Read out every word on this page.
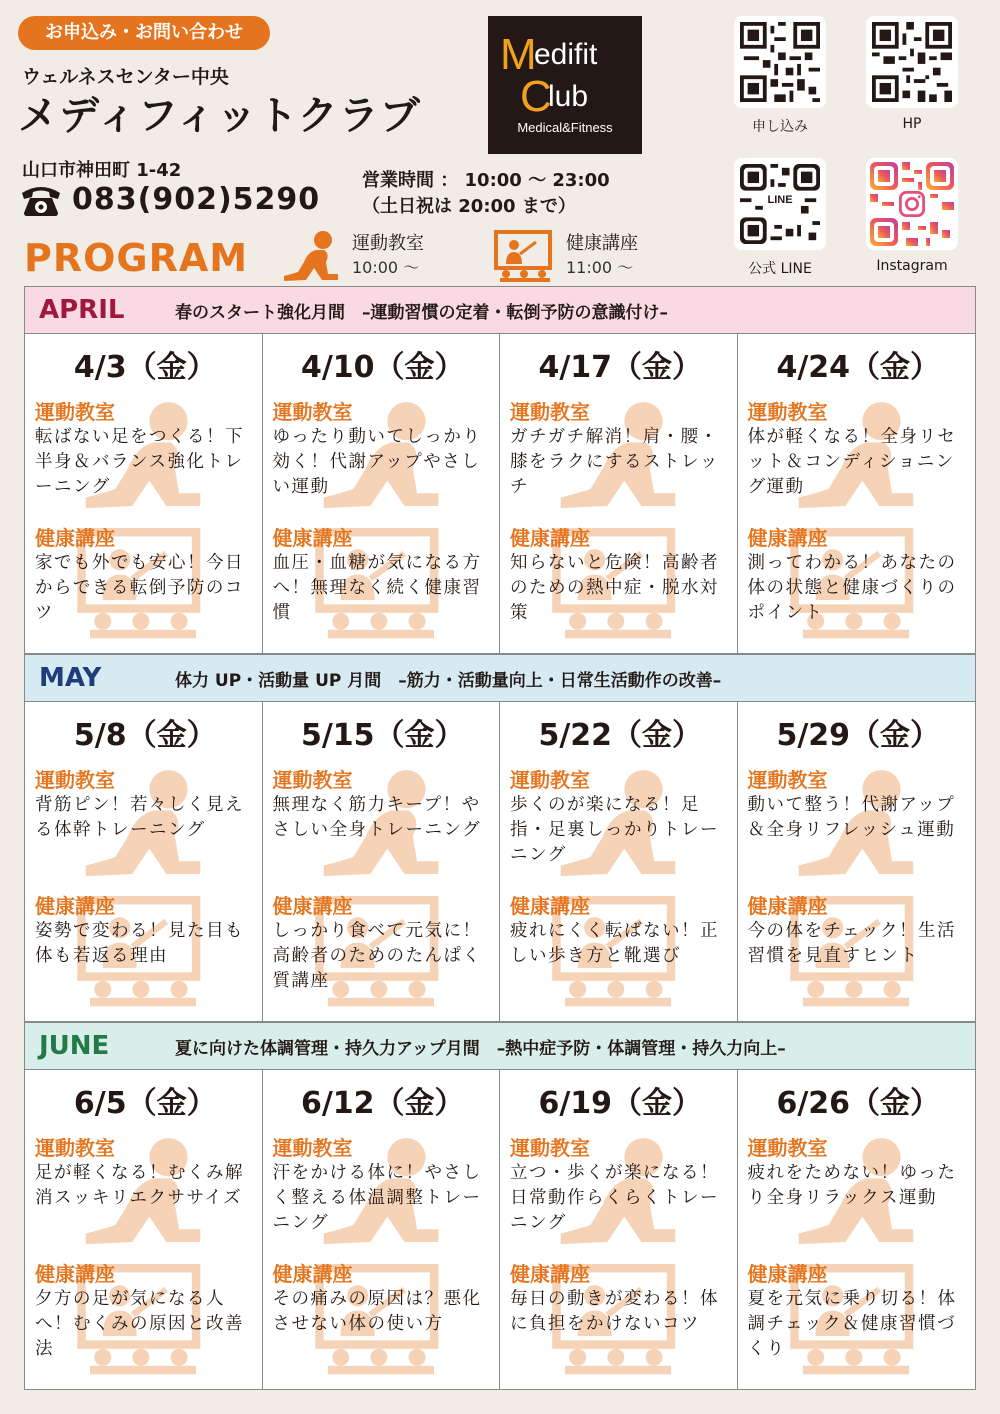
お申込み・お問い合わせ
ウェルネスセンター中央
メディフィットクラブ
山口市神田町 1-42
083(902)5290
営業時間 ： 10:00 〜 23:00
（土日祝は 20:00 まで）
M
edifit
C
lub
Medical&Fitness	申し込み	HP
LINE
公式 LINE	Instagram
PROGRAM	運動教室
10:00 〜
健康講座
11:00 〜
APRIL	春のスタート強化月間　–運動習慣の定着・転倒予防の意識付け–
4/3（金）
運動教室
転ばない足をつくる！下半身＆バランス強化トレーニング
健康講座
家でも外でも安心！今日からできる転倒予防のコツ
4/10（金）
運動教室
ゆったり動いてしっかり効く！代謝アップやさしい運動
健康講座
血圧・血糖が気になる方へ！無理なく続く健康習慣
4/17（金）
運動教室
ガチガチ解消！肩・腰・膝をラクにするストレッチ
健康講座
知らないと危険！高齢者のための熱中症・脱水対策
4/24（金）
運動教室
体が軽くなる！全身リセット＆コンディショニング運動
健康講座
測ってわかる！あなたの体の状態と健康づくりのポイント
MAY	体力 UP・活動量 UP 月間　–筋力・活動量向上・日常生活動作の改善–
5/8（金）
運動教室
背筋ピン！若々しく見える体幹トレーニング
健康講座
姿勢で変わる！見た目も体も若返る理由
5/15（金）
運動教室
無理なく筋力キープ！やさしい全身トレーニング
健康講座
しっかり食べて元気に！高齢者のためのたんぱく質講座
5/22（金）
運動教室
歩くのが楽になる！足指・足裏しっかりトレーニング
健康講座
疲れにくく転ばない！正しい歩き方と靴選び
5/29（金）
運動教室
動いて整う！代謝アップ＆全身リフレッシュ運動
健康講座
今の体をチェック！生活習慣を見直すヒント
JUNE	夏に向けた体調管理・持久力アップ月間　–熱中症予防・体調管理・持久力向上–
6/5（金）
運動教室
足が軽くなる！むくみ解消スッキリエクササイズ
健康講座
夕方の足が気になる人へ！むくみの原因と改善法
6/12（金）
運動教室
汗をかける体に！やさしく整える体温調整トレーニング
健康講座
その痛みの原因は？悪化させない体の使い方
6/19（金）
運動教室
立つ・歩くが楽になる！日常動作らくらくトレーニング
健康講座
毎日の動きが変わる！体に負担をかけないコツ
6/26（金）
運動教室
疲れをためない！ゆったり全身リラックス運動
健康講座
夏を元気に乗り切る！体調チェック＆健康習慣づくり
